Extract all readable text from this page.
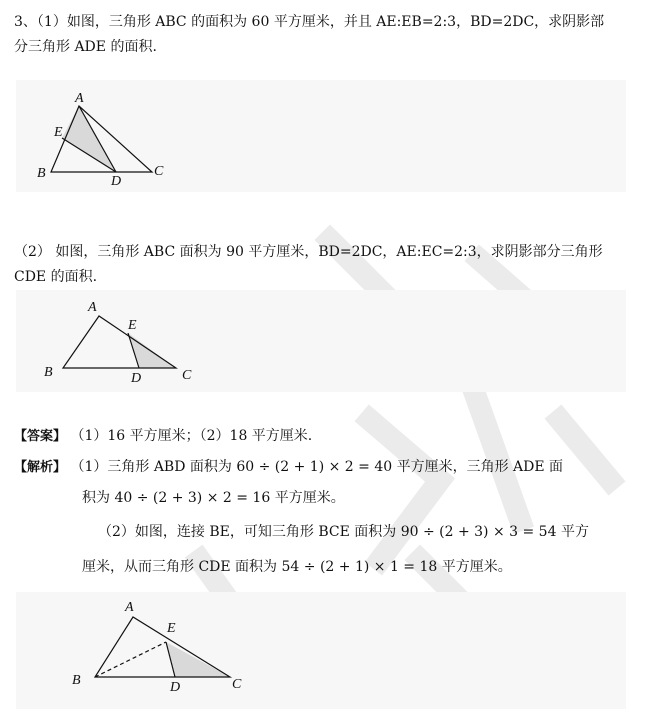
3、（1）如图，三角形 ABC 的面积为 60 平方厘米，并且 AE:EB=2:3，BD=2DC，求阴影部
分三角形 ADE 的面积.
A
E
B
D
C
（2） 如图，三角形 ABC 面积为 90 平方厘米，BD=2DC，AE:EC=2:3，求阴影部分三角形
CDE 的面积.
A
E
B	D	C
【答案】 （1）16 平方厘米；（2）18 平方厘米.
【解析】 （1）三角形 ABD 面积为 60 ÷ (2 + 1) × 2 = 40 平方厘米，三角形 ADE 面
积为 40 ÷ (2 + 3) × 2 = 16 平方厘米。
（2）如图，连接 BE，可知三角形 BCE 面积为 90 ÷ (2 + 3) × 3 = 54 平方
厘米，从而三角形 CDE 面积为 54 ÷ (2 + 1) × 1 = 18 平方厘米。
A
E
B	D	C
